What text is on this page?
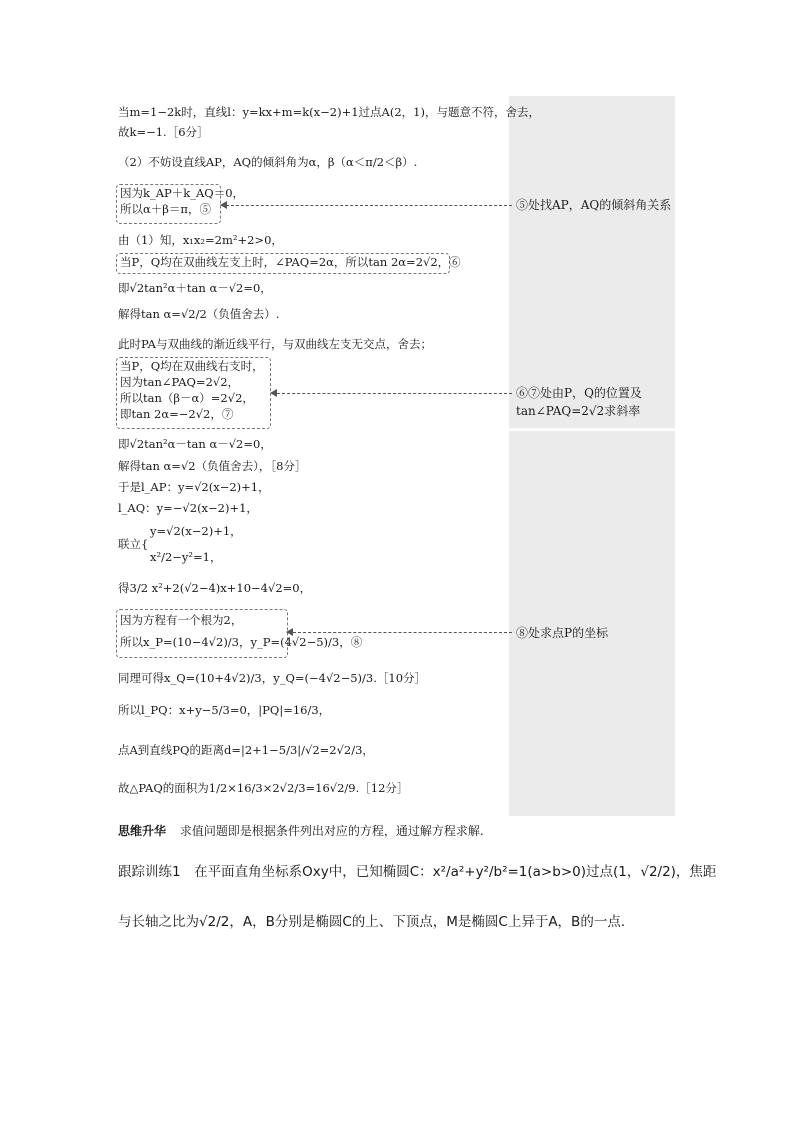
当m=1−2k时，直线l：y=kx+m=k(x−2)+1过点A(2，1)，与题意不符，舍去，
故k=−1.［6分］
（2）不妨设直线AP，AQ的倾斜角为α，β（α＜π/2＜β）.
因为k_AP＋k_AQ＝0，
所以α＋β＝π，⑤	⑤处找AP，AQ的倾斜角关系
由（1）知，x₁x₂=2m²+2>0，
当P，Q均在双曲线左支上时，∠PAQ=2α，所以tan 2α=2√2，⑥
即√2tan²α＋tan α－√2=0，
解得tan α=√2/2（负值舍去）.
此时PA与双曲线的渐近线平行，与双曲线左支无交点，舍去；
当P，Q均在双曲线右支时，
因为tan∠PAQ=2√2，
所以tan（β－α）=2√2，
即tan 2α=−2√2，⑦
⑥⑦处由P，Q的位置及
tan∠PAQ=2√2求斜率
即√2tan²α－tan α－√2=0，
解得tan α=√2（负值舍去），［8分］
于是l_AP：y=√2(x−2)+1，
l_AQ：y=−√2(x−2)+1，
y=√2(x−2)+1，
联立{
x²/2−y²=1，
得3/2 x²+2(√2−4)x+10−4√2=0，
因为方程有一个根为2，
所以x_P=(10−4√2)/3，y_P=(4√2−5)/3，⑧
⑧处求点P的坐标
同理可得x_Q=(10+4√2)/3，y_Q=(−4√2−5)/3.［10分］
所以l_PQ：x+y−5/3=0，|PQ|=16/3，
点A到直线PQ的距离d=|2+1−5/3|/√2=2√2/3，
故△PAQ的面积为1/2×16/3×2√2/3=16√2/9.［12分］
思维升华 求值问题即是根据条件列出对应的方程，通过解方程求解.
跟踪训练1　在平面直角坐标系Oxy中，已知椭圆C：x²/a²+y²/b²=1(a>b>0)过点(1，√2/2)，焦距
与长轴之比为√2/2，A，B分别是椭圆C的上、下顶点，M是椭圆C上异于A，B的一点.
